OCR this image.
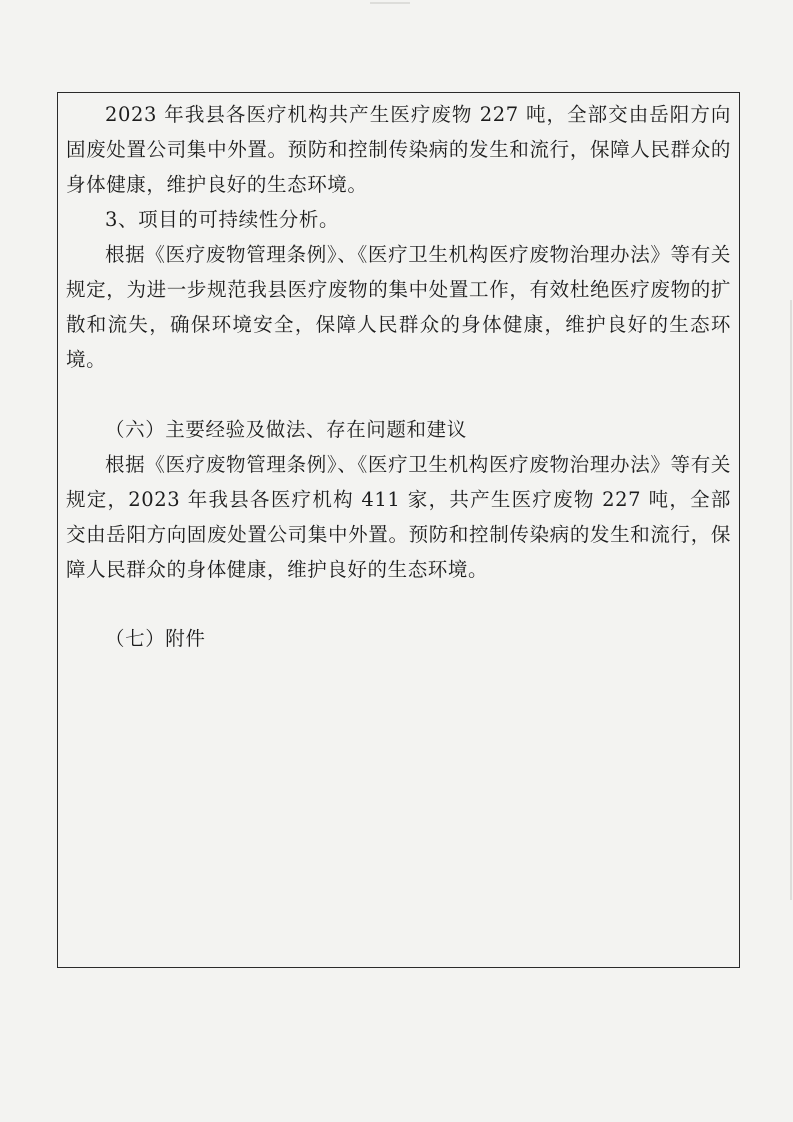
2023 年我县各医疗机构共产生医疗废物 227 吨，全部交由岳阳方向固废处置公司集中外置。预防和控制传染病的发生和流行，保障人民群众的身体健康，维护良好的生态环境。

3、项目的可持续性分析。

根据《医疗废物管理条例》、《医疗卫生机构医疗废物治理办法》等有关规定，为进一步规范我县医疗废物的集中处置工作，有效杜绝医疗废物的扩散和流失，确保环境安全，保障人民群众的身体健康，维护良好的生态环境。

（六）主要经验及做法、存在问题和建议

根据《医疗废物管理条例》、《医疗卫生机构医疗废物治理办法》等有关规定，2023 年我县各医疗机构 411 家，共产生医疗废物 227 吨，全部交由岳阳方向固废处置公司集中外置。预防和控制传染病的发生和流行，保障人民群众的身体健康，维护良好的生态环境。

（七）附件
